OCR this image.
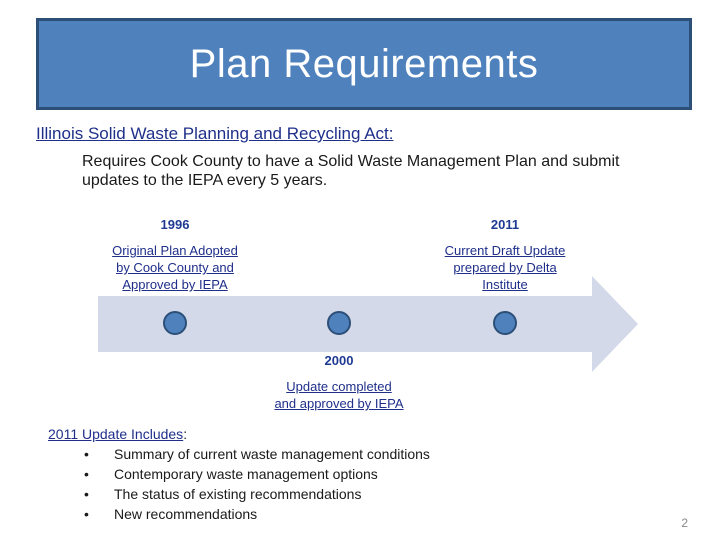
Plan Requirements
Illinois Solid Waste Planning and Recycling Act:
Requires Cook County to have a Solid Waste Management Plan and submit updates to the IEPA every 5 years.
1996
Original Plan Adopted
by Cook County and
Approved by IEPA
2011
Current Draft Update
prepared by Delta
Institute
2000
Update completed
and approved by IEPA
2011 Update Includes:
• Summary of current waste management conditions
• Contemporary waste management options
• The status of existing recommendations
• New recommendations
2
